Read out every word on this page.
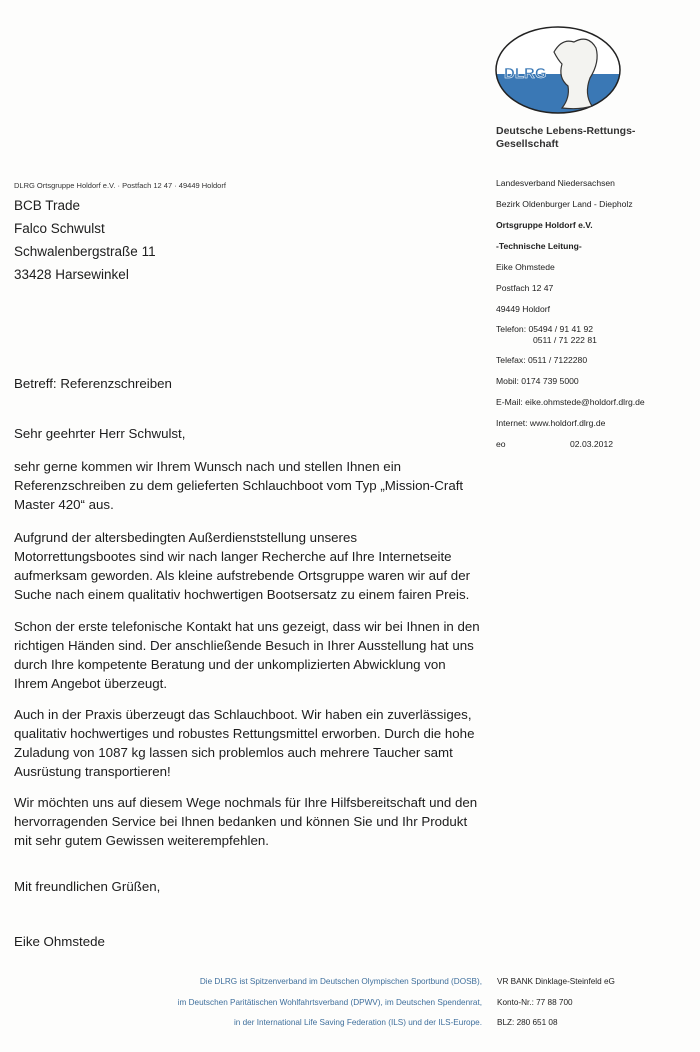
DLRG
Deutsche Lebens-Rettungs-
Gesellschaft
DLRG Ortsgruppe Holdorf e.V. · Postfach 12 47 · 49449 Holdorf
BCB Trade
Falco Schwulst
Schwalenbergstraße 11
33428 Harsewinkel
Landesverband Niedersachsen
Bezirk Oldenburger Land - Diepholz
Ortsgruppe Holdorf e.V.
-Technische Leitung-
Eike Ohmstede
Postfach 12 47
49449 Holdorf
Telefon: 05494 / 91 41 92
0511 / 71 222 81
Telefax: 0511 / 7122280
Mobil: 0174 739 5000
E-Mail: eike.ohmstede@holdorf.dlrg.de
Internet: www.holdorf.dlrg.de
eo	02.03.2012
Betreff: Referenzschreiben
Sehr geehrter Herr Schwulst,
sehr gerne kommen wir Ihrem Wunsch nach und stellen Ihnen ein
Referenzschreiben zu dem gelieferten Schlauchboot vom Typ „Mission-Craft
Master 420“ aus.
Aufgrund der altersbedingten Außerdienststellung unseres
Motorrettungsbootes sind wir nach langer Recherche auf Ihre Internetseite
aufmerksam geworden. Als kleine aufstrebende Ortsgruppe waren wir auf der
Suche nach einem qualitativ hochwertigen Bootsersatz zu einem fairen Preis.
Schon der erste telefonische Kontakt hat uns gezeigt, dass wir bei Ihnen in den
richtigen Händen sind. Der anschließende Besuch in Ihrer Ausstellung hat uns
durch Ihre kompetente Beratung und der unkomplizierten Abwicklung von
Ihrem Angebot überzeugt.
Auch in der Praxis überzeugt das Schlauchboot. Wir haben ein zuverlässiges,
qualitativ hochwertiges und robustes Rettungsmittel erworben. Durch die hohe
Zuladung von 1087 kg lassen sich problemlos auch mehrere Taucher samt
Ausrüstung transportieren!
Wir möchten uns auf diesem Wege nochmals für Ihre Hilfsbereitschaft und den
hervorragenden Service bei Ihnen bedanken und können Sie und Ihr Produkt
mit sehr gutem Gewissen weiterempfehlen.
Mit freundlichen Grüßen,
Eike Ohmstede
Die DLRG ist Spitzenverband im Deutschen Olympischen Sportbund (DOSB),
im Deutschen Paritätischen Wohlfahrtsverband (DPWV), im Deutschen Spendenrat,
in der International Life Saving Federation (ILS) und der ILS-Europe.
VR BANK Dinklage-Steinfeld eG
Konto-Nr.: 77 88 700
BLZ: 280 651 08
